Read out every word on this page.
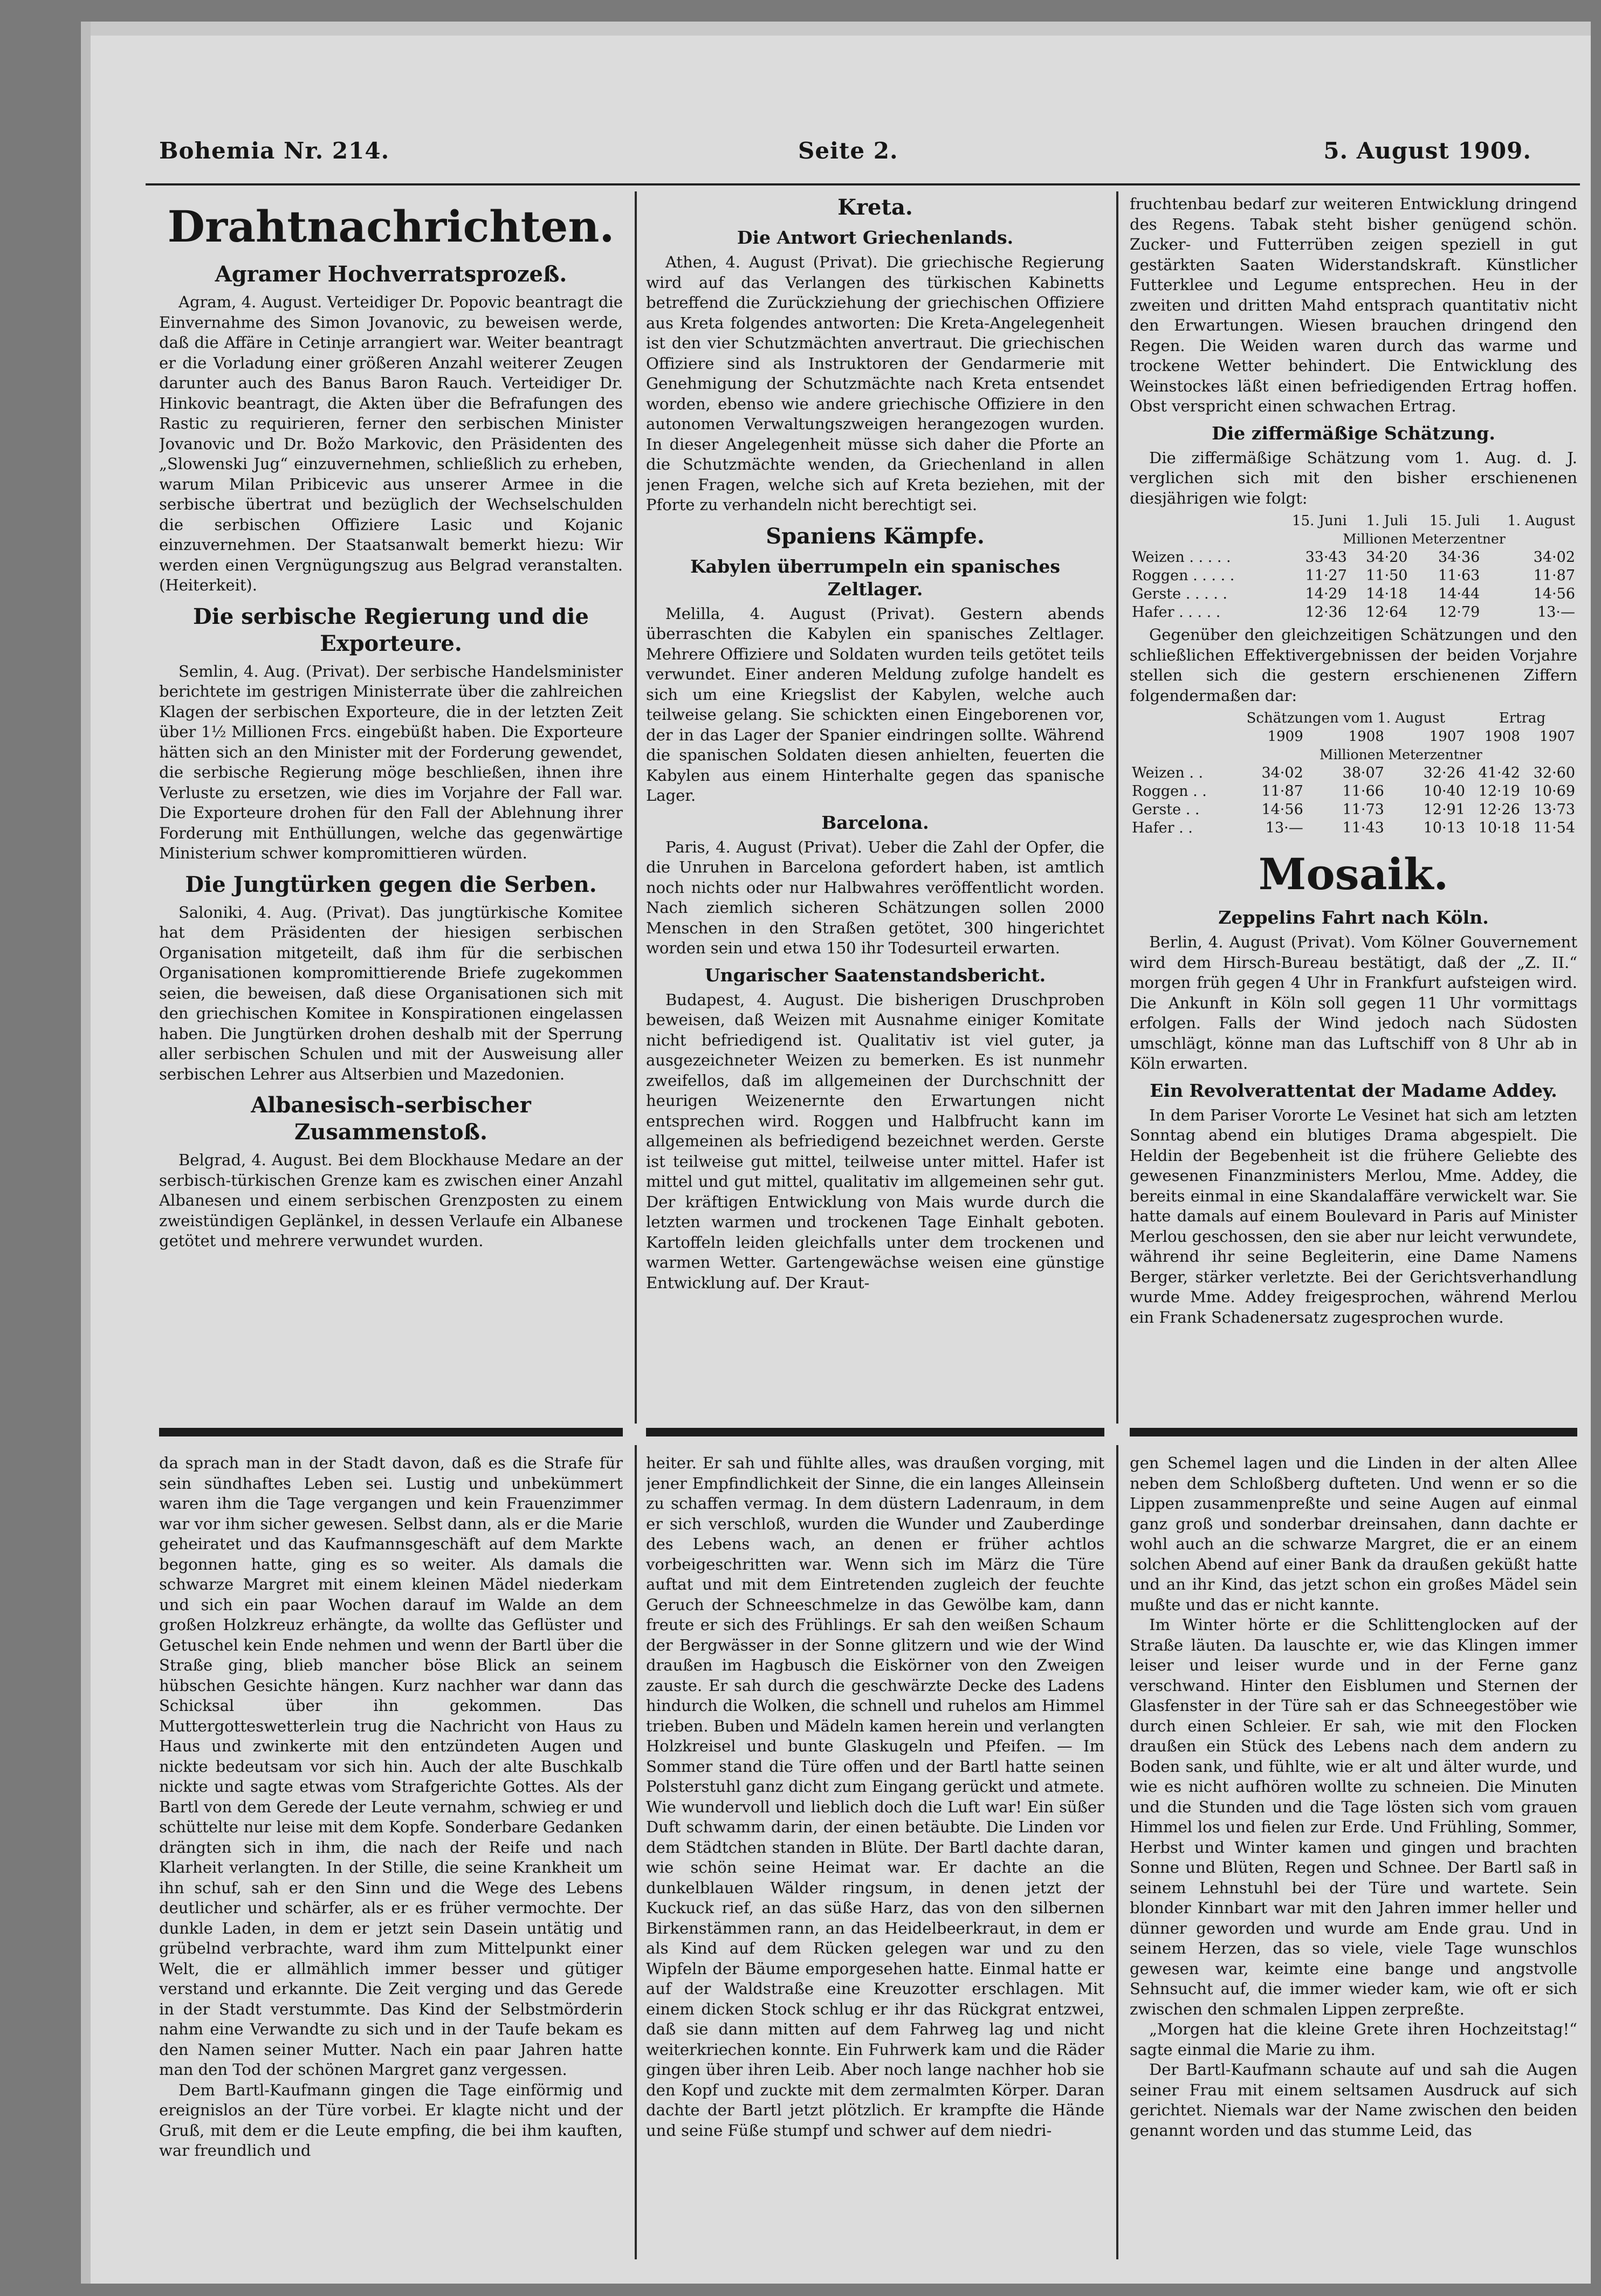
Bohemia Nr. 214.	Seite 2.	5. August 1909.
Drahtnachrichten.
Agramer Hochverratsprozeß.

Agram, 4. August. Verteidiger Dr. Popovic beantragt die Einvernahme des Simon Jovanovic, zu beweisen werde, daß die Affäre in Cetinje arrangiert war. Weiter beantragt er die Vorladung einer größeren Anzahl weiterer Zeugen darunter auch des Banus Baron Rauch. Verteidiger Dr. Hinkovic beantragt, die Akten über die Befrafungen des Rastic zu requirieren, ferner den serbischen Minister Jovanovic und Dr. Božo Markovic, den Präsidenten des „Slowenski Jug“ einzuvernehmen, schließlich zu erheben, warum Milan Pribicevic aus unserer Armee in die serbische übertrat und bezüglich der Wechselschulden die serbischen Offiziere Lasic und Kojanic einzuvernehmen. Der Staatsanwalt bemerkt hiezu: Wir werden einen Vergnügungszug aus Belgrad veranstalten. (Heiterkeit).

Die serbische Regierung und die Exporteure.

Semlin, 4. Aug. (Privat). Der serbische Handelsminister berichtete im gestrigen Ministerrate über die zahlreichen Klagen der serbischen Exporteure, die in der letzten Zeit über 1½ Millionen Frcs. eingebüßt haben. Die Exporteure hätten sich an den Minister mit der Forderung gewendet, die serbische Regierung möge beschließen, ihnen ihre Verluste zu ersetzen, wie dies im Vorjahre der Fall war. Die Exporteure drohen für den Fall der Ablehnung ihrer Forderung mit Enthüllungen, welche das gegenwärtige Ministerium schwer kompromittieren würden.

Die Jungtürken gegen die Serben.

Saloniki, 4. Aug. (Privat). Das jungtürkische Komitee hat dem Präsidenten der hiesigen serbischen Organisation mitgeteilt, daß ihm für die serbischen Organisationen kompromittierende Briefe zugekommen seien, die beweisen, daß diese Organisationen sich mit den griechischen Komitee in Konspirationen eingelassen haben. Die Jungtürken drohen deshalb mit der Sperrung aller serbischen Schulen und mit der Ausweisung aller serbischen Lehrer aus Altserbien und Mazedonien.

Albanesisch-serbischer Zusammenstoß.

Belgrad, 4. August. Bei dem Blockhause Medare an der serbisch-türkischen Grenze kam es zwischen einer Anzahl Albanesen und einem serbischen Grenzposten zu einem zweistündigen Geplänkel, in dessen Verlaufe ein Albanese getötet und mehrere verwundet wurden.

Kreta.
Die Antwort Griechenlands.

Athen, 4. August (Privat). Die griechische Regierung wird auf das Verlangen des türkischen Kabinetts betreffend die Zurückziehung der griechischen Offiziere aus Kreta folgendes antworten: Die Kreta-Angelegenheit ist den vier Schutzmächten anvertraut. Die griechischen Offiziere sind als Instruktoren der Gendarmerie mit Genehmigung der Schutzmächte nach Kreta entsendet worden, ebenso wie andere griechische Offiziere in den autonomen Verwaltungszweigen herangezogen wurden. In dieser Angelegenheit müsse sich daher die Pforte an die Schutzmächte wenden, da Griechenland in allen jenen Fragen, welche sich auf Kreta beziehen, mit der Pforte zu verhandeln nicht berechtigt sei.

Spaniens Kämpfe.
Kabylen überrumpeln ein spanisches Zeltlager.

Melilla, 4. August (Privat). Gestern abends überraschten die Kabylen ein spanisches Zeltlager. Mehrere Offiziere und Soldaten wurden teils getötet teils verwundet. Einer anderen Meldung zufolge handelt es sich um eine Kriegslist der Kabylen, welche auch teilweise gelang. Sie schickten einen Eingeborenen vor, der in das Lager der Spanier eindringen sollte. Während die spanischen Soldaten diesen anhielten, feuerten die Kabylen aus einem Hinterhalte gegen das spanische Lager.

Barcelona.

Paris, 4. August (Privat). Ueber die Zahl der Opfer, die die Unruhen in Barcelona gefordert haben, ist amtlich noch nichts oder nur Halbwahres veröffentlicht worden. Nach ziemlich sicheren Schätzungen sollen 2000 Menschen in den Straßen getötet, 300 hingerichtet worden sein und etwa 150 ihr Todesurteil erwarten.

Ungarischer Saatenstandsbericht.

Budapest, 4. August. Die bisherigen Druschproben beweisen, daß Weizen mit Ausnahme einiger Komitate nicht befriedigend ist. Qualitativ ist viel guter, ja ausgezeichneter Weizen zu bemerken. Es ist nunmehr zweifellos, daß im allgemeinen der Durchschnitt der heurigen Weizenernte den Erwartungen nicht entsprechen wird. Roggen und Halbfrucht kann im allgemeinen als befriedigend bezeichnet werden. Gerste ist teilweise gut mittel, teilweise unter mittel. Hafer ist mittel und gut mittel, qualitativ im allgemeinen sehr gut. Der kräftigen Entwicklung von Mais wurde durch die letzten warmen und trockenen Tage Einhalt geboten. Kartoffeln leiden gleichfalls unter dem trockenen und warmen Wetter. Gartengewächse weisen eine günstige Entwicklung auf. Der Kraut-

fruchtenbau bedarf zur weiteren Entwicklung dringend des Regens. Tabak steht bisher genügend schön. Zucker- und Futterrüben zeigen speziell in gut gestärkten Saaten Widerstandskraft. Künstlicher Futterklee und Legume entsprechen. Heu in der zweiten und dritten Mahd entsprach quantitativ nicht den Erwartungen. Wiesen brauchen dringend den Regen. Die Weiden waren durch das warme und trockene Wetter behindert. Die Entwicklung des Weinstockes läßt einen befriedigenden Ertrag hoffen. Obst verspricht einen schwachen Ertrag.

Die ziffermäßige Schätzung.

Die ziffermäßige Schätzung vom 1. Aug. d. J. verglichen sich mit den bisher erschienenen diesjährigen wie folgt:

	15. Juni	1. Juli	15. Juli	1. August
	Millionen Meterzentner			
Weizen . . . . .	33·43	34·20	34·36	34·02
Roggen . . . . .	11·27	11·50	11·63	11·87
Gerste . . . . .	14·29	14·18	14·44	14·56
Hafer . . . . .	12·36	12·64	12·79	13·—

Gegenüber den gleichzeitigen Schätzungen und den schließlichen Effektivergebnissen der beiden Vorjahre stellen sich die gestern erschienenen Ziffern folgendermaßen dar:

	Schätzungen vom 1. August			Ertrag	
	1909	1908	1907	1908	1907
	Millionen Meterzentner				
Weizen . .	34·02	38·07	32·26	41·42	32·60
Roggen . .	11·87	11·66	10·40	12·19	10·69
Gerste . .	14·56	11·73	12·91	12·26	13·73
Hafer . .	13·—	11·43	10·13	10·18	11·54
Mosaik.
Zeppelins Fahrt nach Köln.

Berlin, 4. August (Privat). Vom Kölner Gouvernement wird dem Hirsch-Bureau bestätigt, daß der „Z. II.“ morgen früh gegen 4 Uhr in Frankfurt aufsteigen wird. Die Ankunft in Köln soll gegen 11 Uhr vormittags erfolgen. Falls der Wind jedoch nach Südosten umschlägt, könne man das Luftschiff von 8 Uhr ab in Köln erwarten.

Ein Revolverattentat der Madame Addey.

In dem Pariser Vororte Le Vesinet hat sich am letzten Sonntag abend ein blutiges Drama abgespielt. Die Heldin der Begebenheit ist die frühere Geliebte des gewesenen Finanzministers Merlou, Mme. Addey, die bereits einmal in eine Skandalaffäre verwickelt war. Sie hatte damals auf einem Boulevard in Paris auf Minister Merlou geschossen, den sie aber nur leicht verwundete, während ihr seine Begleiterin, eine Dame Namens Berger, stärker verletzte. Bei der Gerichtsverhandlung wurde Mme. Addey freigesprochen, während Merlou ein Frank Schadenersatz zugesprochen wurde.

da sprach man in der Stadt davon, daß es die Strafe für sein sündhaftes Leben sei. Lustig und unbekümmert waren ihm die Tage vergangen und kein Frauenzimmer war vor ihm sicher gewesen. Selbst dann, als er die Marie geheiratet und das Kaufmannsgeschäft auf dem Markte begonnen hatte, ging es so weiter. Als damals die schwarze Margret mit einem kleinen Mädel niederkam und sich ein paar Wochen darauf im Walde an dem großen Holzkreuz erhängte, da wollte das Geflüster und Getuschel kein Ende nehmen und wenn der Bartl über die Straße ging, blieb mancher böse Blick an seinem hübschen Gesichte hängen. Kurz nachher war dann das Schicksal über ihn gekommen. Das Muttergotteswetterlein trug die Nachricht von Haus zu Haus und zwinkerte mit den entzündeten Augen und nickte bedeutsam vor sich hin. Auch der alte Buschkalb nickte und sagte etwas vom Strafgerichte Gottes. Als der Bartl von dem Gerede der Leute vernahm, schwieg er und schüttelte nur leise mit dem Kopfe. Sonderbare Gedanken drängten sich in ihm, die nach der Reife und nach Klarheit verlangten. In der Stille, die seine Krankheit um ihn schuf, sah er den Sinn und die Wege des Lebens deutlicher und schärfer, als er es früher vermochte. Der dunkle Laden, in dem er jetzt sein Dasein untätig und grübelnd verbrachte, ward ihm zum Mittelpunkt einer Welt, die er allmählich immer besser und gütiger verstand und erkannte. Die Zeit verging und das Gerede in der Stadt verstummte. Das Kind der Selbstmörderin nahm eine Verwandte zu sich und in der Taufe bekam es den Namen seiner Mutter. Nach ein paar Jahren hatte man den Tod der schönen Margret ganz vergessen.

Dem Bartl-Kaufmann gingen die Tage einförmig und ereignislos an der Türe vorbei. Er klagte nicht und der Gruß, mit dem er die Leute empfing, die bei ihm kauften, war freundlich und

heiter. Er sah und fühlte alles, was draußen vorging, mit jener Empfindlichkeit der Sinne, die ein langes Alleinsein zu schaffen vermag. In dem düstern Ladenraum, in dem er sich verschloß, wurden die Wunder und Zauberdinge des Lebens wach, an denen er früher achtlos vorbeigeschritten war. Wenn sich im März die Türe auftat und mit dem Eintretenden zugleich der feuchte Geruch der Schneeschmelze in das Gewölbe kam, dann freute er sich des Frühlings. Er sah den weißen Schaum der Bergwässer in der Sonne glitzern und wie der Wind draußen im Hagbusch die Eiskörner von den Zweigen zauste. Er sah durch die geschwärzte Decke des Ladens hindurch die Wolken, die schnell und ruhelos am Himmel trieben. Buben und Mädeln kamen herein und verlangten Holzkreisel und bunte Glaskugeln und Pfeifen. — Im Sommer stand die Türe offen und der Bartl hatte seinen Polsterstuhl ganz dicht zum Eingang gerückt und atmete. Wie wundervoll und lieblich doch die Luft war! Ein süßer Duft schwamm darin, der einen betäubte. Die Linden vor dem Städtchen standen in Blüte. Der Bartl dachte daran, wie schön seine Heimat war. Er dachte an die dunkelblauen Wälder ringsum, in denen jetzt der Kuckuck rief, an das süße Harz, das von den silbernen Birkenstämmen rann, an das Heidelbeerkraut, in dem er als Kind auf dem Rücken gelegen war und zu den Wipfeln der Bäume emporgesehen hatte. Einmal hatte er auf der Waldstraße eine Kreuzotter erschlagen. Mit einem dicken Stock schlug er ihr das Rückgrat entzwei, daß sie dann mitten auf dem Fahrweg lag und nicht weiterkriechen konnte. Ein Fuhrwerk kam und die Räder gingen über ihren Leib. Aber noch lange nachher hob sie den Kopf und zuckte mit dem zermalmten Körper. Daran dachte der Bartl jetzt plötzlich. Er krampfte die Hände und seine Füße stumpf und schwer auf dem niedri-

gen Schemel lagen und die Linden in der alten Allee neben dem Schloßberg dufteten. Und wenn er so die Lippen zusammenpreßte und seine Augen auf einmal ganz groß und sonderbar dreinsahen, dann dachte er wohl auch an die schwarze Margret, die er an einem solchen Abend auf einer Bank da draußen geküßt hatte und an ihr Kind, das jetzt schon ein großes Mädel sein mußte und das er nicht kannte.

Im Winter hörte er die Schlittenglocken auf der Straße läuten. Da lauschte er, wie das Klingen immer leiser und leiser wurde und in der Ferne ganz verschwand. Hinter den Eisblumen und Sternen der Glasfenster in der Türe sah er das Schneegestöber wie durch einen Schleier. Er sah, wie mit den Flocken draußen ein Stück des Lebens nach dem andern zu Boden sank, und fühlte, wie er alt und älter wurde, und wie es nicht aufhören wollte zu schneien. Die Minuten und die Stunden und die Tage lösten sich vom grauen Himmel los und fielen zur Erde. Und Frühling, Sommer, Herbst und Winter kamen und gingen und brachten Sonne und Blüten, Regen und Schnee. Der Bartl saß in seinem Lehnstuhl bei der Türe und wartete. Sein blonder Kinnbart war mit den Jahren immer heller und dünner geworden und wurde am Ende grau. Und in seinem Herzen, das so viele, viele Tage wunschlos gewesen war, keimte eine bange und angstvolle Sehnsucht auf, die immer wieder kam, wie oft er sich zwischen den schmalen Lippen zerpreßte.

„Morgen hat die kleine Grete ihren Hochzeitstag!“ sagte einmal die Marie zu ihm.

Der Bartl-Kaufmann schaute auf und sah die Augen seiner Frau mit einem seltsamen Ausdruck auf sich gerichtet. Niemals war der Name zwischen den beiden genannt worden und das stumme Leid, das
